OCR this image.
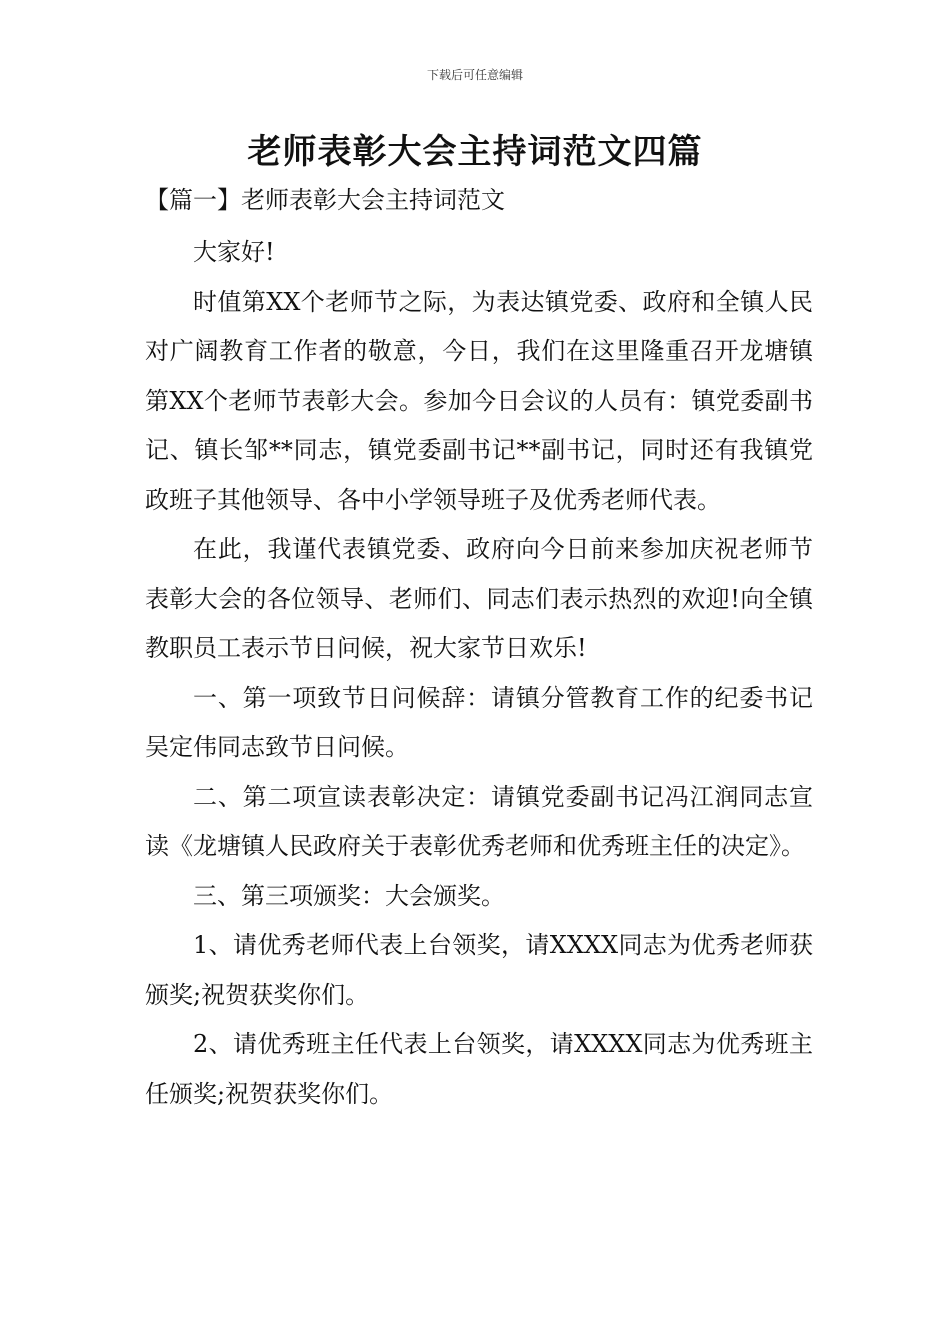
下载后可任意编辑
老师表彰大会主持词范文四篇

【篇一】老师表彰大会主持词范文

大家好!

时值第XX个老师节之际，为表达镇党委、政府和全镇人民对广阔教育工作者的敬意，今日，我们在这里隆重召开龙塘镇第XX个老师节表彰大会。参加今日会议的人员有：镇党委副书记、镇长邹**同志，镇党委副书记**副书记，同时还有我镇党政班子其他领导、各中小学领导班子及优秀老师代表。

在此，我谨代表镇党委、政府向今日前来参加庆祝老师节表彰大会的各位领导、老师们、同志们表示热烈的欢迎!向全镇教职员工表示节日问候，祝大家节日欢乐!

一、第一项致节日问候辞：请镇分管教育工作的纪委书记吴定伟同志致节日问候。

二、第二项宣读表彰决定：请镇党委副书记冯江润同志宣读《龙塘镇人民政府关于表彰优秀老师和优秀班主任的决定》。

三、第三项颁奖：大会颁奖。

1、请优秀老师代表上台领奖，请XXXX同志为优秀老师获颁奖;祝贺获奖你们。

2、请优秀班主任代表上台领奖，请XXXX同志为优秀班主任颁奖;祝贺获奖你们。
